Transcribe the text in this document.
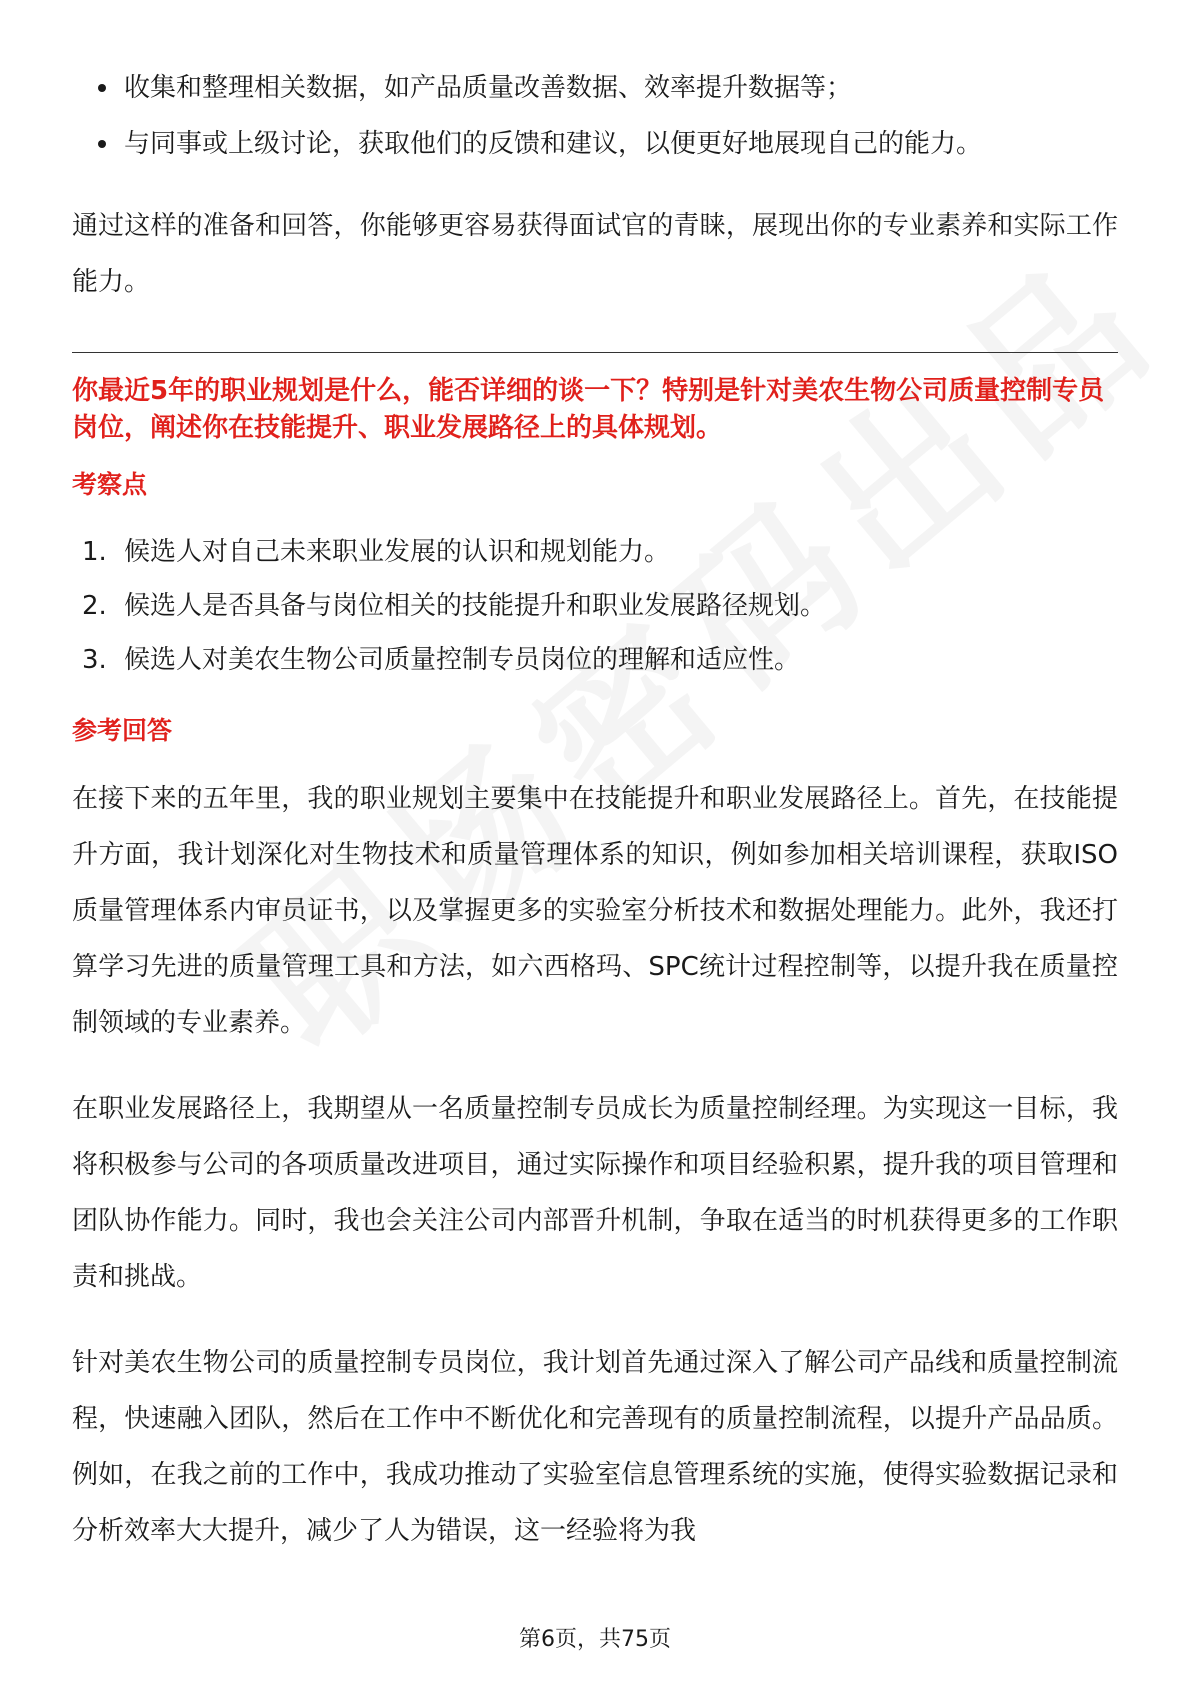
收集和整理相关数据，如产品质量改善数据、效率提升数据等；
与同事或上级讨论，获取他们的反馈和建议，以便更好地展现自己的能力。

通过这样的准备和回答，你能够更容易获得面试官的青睐，展现出你的专业素养和实际工作能力。

你最近5年的职业规划是什么，能否详细的谈一下？特别是针对美农生物公司质量控制专员岗位，阐述你在技能提升、职业发展路径上的具体规划。

考察点
1. 候选人对自己未来职业发展的认识和规划能力。
2. 候选人是否具备与岗位相关的技能提升和职业发展路径规划。
3. 候选人对美农生物公司质量控制专员岗位的理解和适应性。
参考回答

在接下来的五年里，我的职业规划主要集中在技能提升和职业发展路径上。首先，在技能提升方面，我计划深化对生物技术和质量管理体系的知识，例如参加相关培训课程，获取ISO质量管理体系内审员证书，以及掌握更多的实验室分析技术和数据处理能力。此外，我还打算学习先进的质量管理工具和方法，如六西格玛、SPC统计过程控制等，以提升我在质量控制领域的专业素养。

在职业发展路径上，我期望从一名质量控制专员成长为质量控制经理。为实现这一目标，我将积极参与公司的各项质量改进项目，通过实际操作和项目经验积累，提升我的项目管理和团队协作能力。同时，我也会关注公司内部晋升机制，争取在适当的时机获得更多的工作职责和挑战。

针对美农生物公司的质量控制专员岗位，我计划首先通过深入了解公司产品线和质量控制流程，快速融入团队，然后在工作中不断优化和完善现有的质量控制流程，以提升产品品质。例如，在我之前的工作中，我成功推动了实验室信息管理系统的实施，使得实验数据记录和分析效率大大提升，减少了人为错误，这一经验将为我

第6页，共75页
